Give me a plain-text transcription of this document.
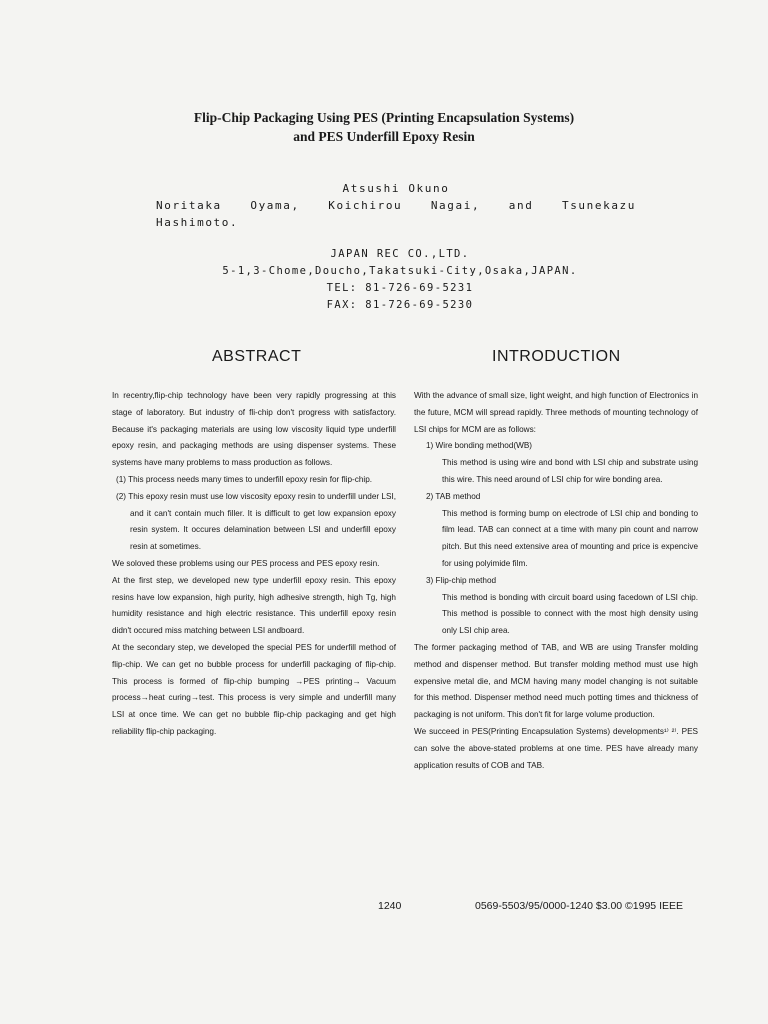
Flip-Chip Packaging Using PES (Printing Encapsulation Systems)
and PES Underfill Epoxy Resin
Atsushi Okuno
Noritaka Oyama, Koichirou Nagai, and Tsunekazu
Hashimoto.
JAPAN REC CO.,LTD.
5-1,3-Chome,Doucho,Takatsuki-City,Osaka,JAPAN.
TEL: 81-726-69-5231
FAX: 81-726-69-5230
ABSTRACT	INTRODUCTION

In recentry,flip-chip technology have been very rapidly progressing at this stage of laboratory. But industry of fli-chip don't progress with satisfactory. Because it's packaging materials are using low viscosity liquid type underfill epoxy resin, and packaging methods are using dispenser systems. These systems have many problems to mass production as follows.

(1) This process needs many times to underfill epoxy resin for flip-chip.

(2) This epoxy resin must use low viscosity epoxy resin to underfill under LSI, and it can't contain much filler. It is difficult to get low expansion epoxy resin system. It occures delamination between LSI and underfill epoxy resin at sometimes.

We soloved these problems using our PES process and PES epoxy resin.

At the first step, we developed new type underfill epoxy resin. This epoxy resins have low expansion, high purity, high adhesive strength, high Tg, high humidity resistance and high electric resistance. This underfill epoxy resin didn't occured miss matching between LSI andboard.

At the secondary step, we developed the special PES for underfill method of flip-chip. We can get no bubble process for underfill packaging of flip-chip. This process is formed of flip-chip bumping →PES printing→ Vacuum process→heat curing→test. This process is very simple and underfill many LSI at once time. We can get no bubble flip-chip packaging and get high reliability flip-chip packaging.

With the advance of small size, light weight, and high function of Electronics in the future, MCM will spread rapidly. Three methods of mounting technology of LSI chips for MCM are as follows:

1) Wire bonding method(WB)

This method is using wire and bond with LSI chip and substrate using this wire. This need around of LSI chip for wire bonding area.

2) TAB method

This method is forming bump on electrode of LSI chip and bonding to film lead. TAB can connect at a time with many pin count and narrow pitch. But this need extensive area of mounting and price is expencive for using polyimide film.

3) Flip-chip method

This method is bonding with circuit board using facedown of LSI chip. This method is possible to connect with the most high density using only LSI chip area.

The former packaging method of TAB, and WB are using Transfer molding method and dispenser method. But transfer molding method must use high expensive metal die, and MCM having many model changing is not suitable for this method. Dispenser method need much potting times and thickness of packaging is not uniform. This don't fit for large volume production.

We succeed in PES(Printing Encapsulation Systems) developments¹⁾ ²⁾. PES can solve the above-stated problems at one time. PES have already many application results of COB and TAB.

1240	0569-5503/95/0000-1240 $3.00 ©1995 IEEE
